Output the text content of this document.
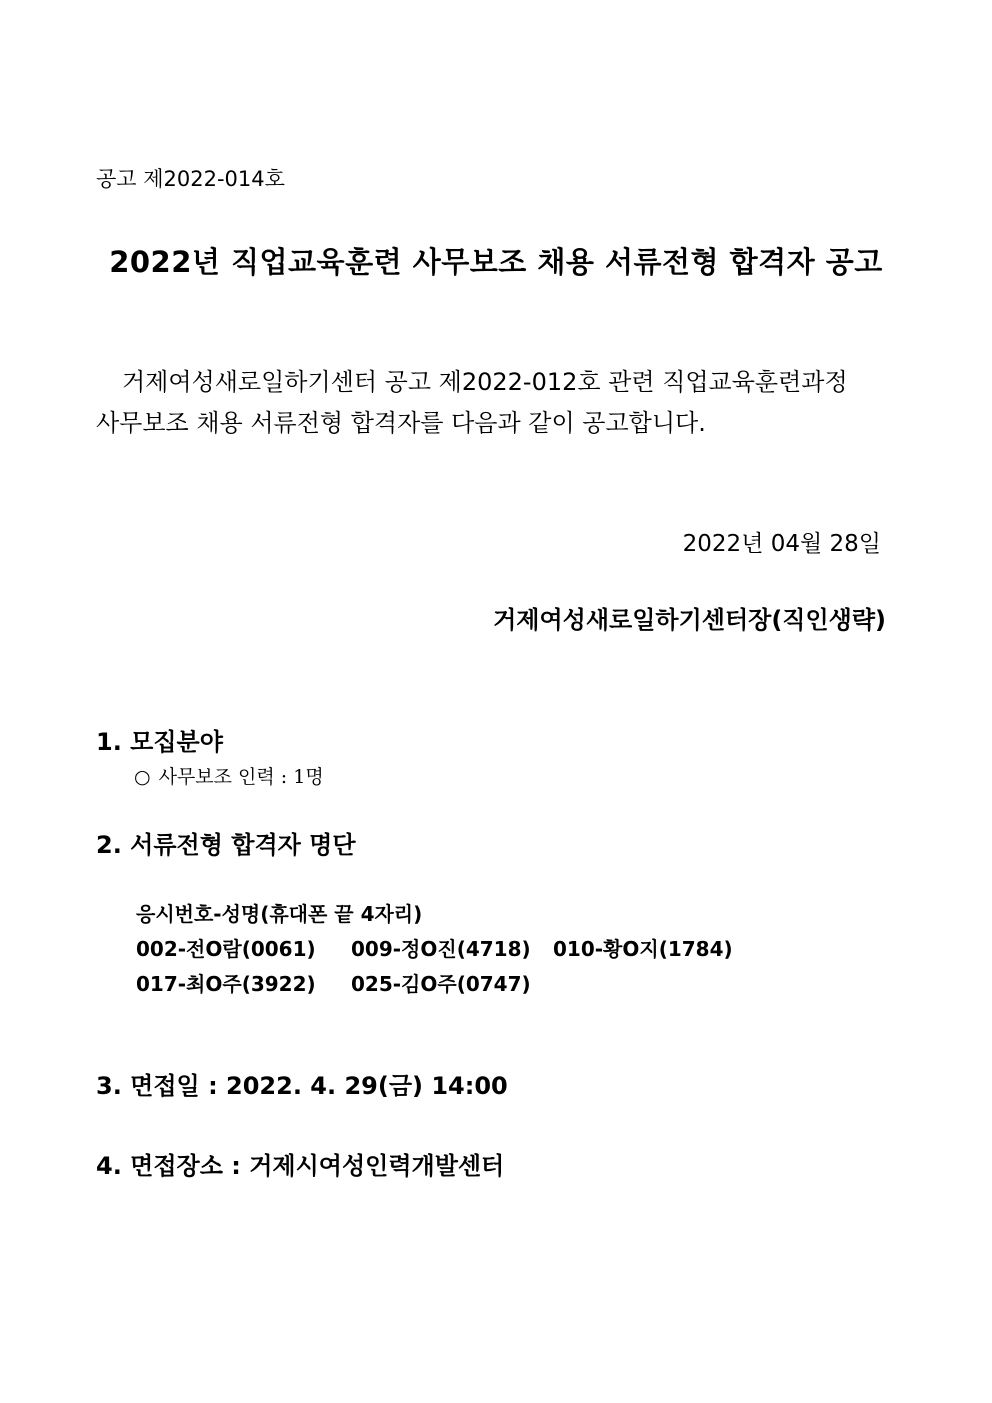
공고 제2022-014호
2022년 직업교육훈련 사무보조 채용 서류전형 합격자 공고
거제여성새로일하기센터 공고 제2022-012호 관련 직업교육훈련과정
사무보조 채용 서류전형 합격자를 다음과 같이 공고합니다.
2022년 04월 28일
거제여성새로일하기센터장(직인생략)
1. 모집분야
○ 사무보조 인력 : 1명
2. 서류전형 합격자 명단
응시번호-성명(휴대폰 끝 4자리)
002-전O람(0061) 009-정O진(4718) 010-황O지(1784)
017-최O주(3922) 025-김O주(0747)
3. 면접일 : 2022. 4. 29(금) 14:00
4. 면접장소 : 거제시여성인력개발센터
